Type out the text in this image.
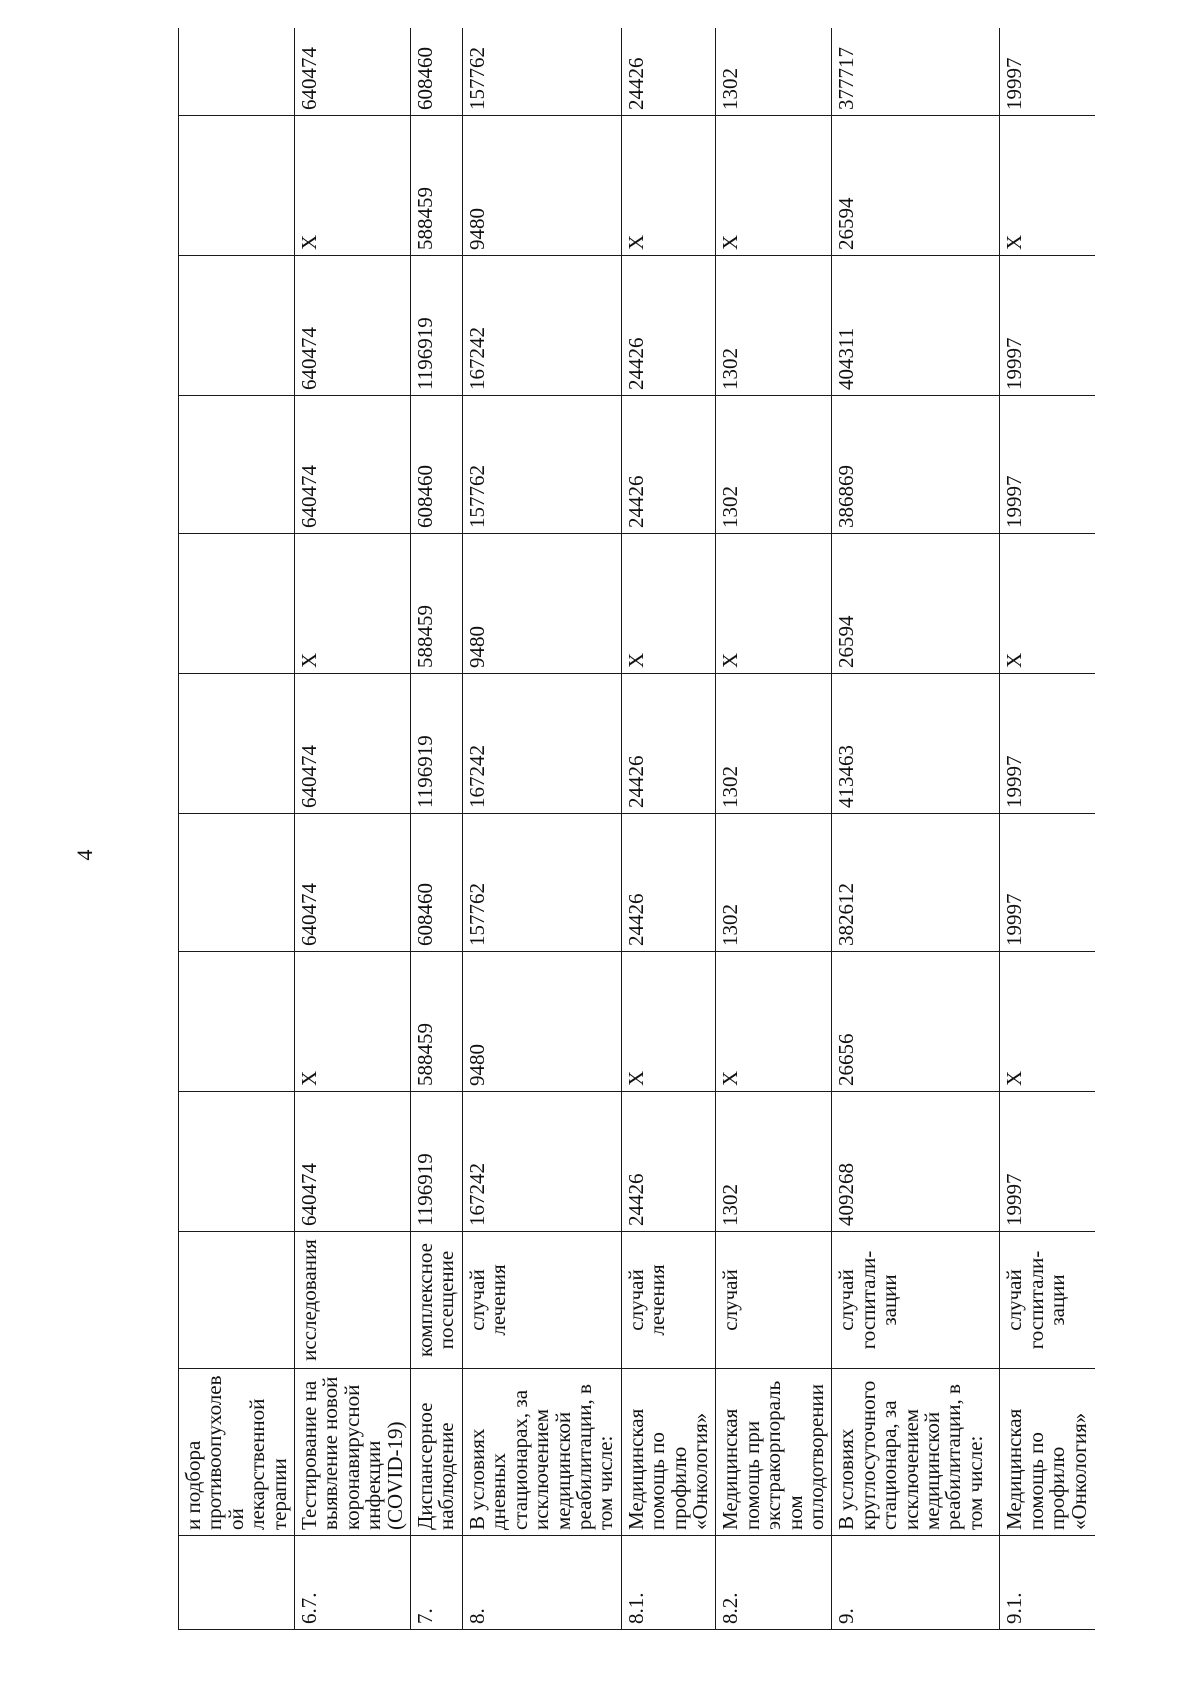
4
	и подбора противоопухолевой лекарственной терапии										
6.7.	Тестирование на выявление новой коронавирусной инфекции (COVID-19)	исследования	640474	X	640474	640474	X	640474	640474	X	640474
7.	Диспансерное наблюдение	комплексное посещение	1196919	588459	608460	1196919	588459	608460	1196919	588459	608460
8.	В условиях дневных стационарах, за исключением медицинской реабилитации, в том числе:	случай лечения	167242	9480	157762	167242	9480	157762	167242	9480	157762
8.1.	Медицинская помощь по профилю «Онкология»	случай лечения	24426	X	24426	24426	X	24426	24426	X	24426
8.2.	Медицинская помощь при экстракорпоральном оплодотворении	случай	1302	X	1302	1302	X	1302	1302	X	1302
9.	В условиях круглосуточного стационара, за исключением медицинской реабилитации, в том числе:	случай госпитали-зации	409268	26656	382612	413463	26594	386869	404311	26594	377717
9.1.	Медицинская помощь по профилю «Онкология»	случай госпитали-зации	19997	X	19997	19997	X	19997	19997	X	19997
